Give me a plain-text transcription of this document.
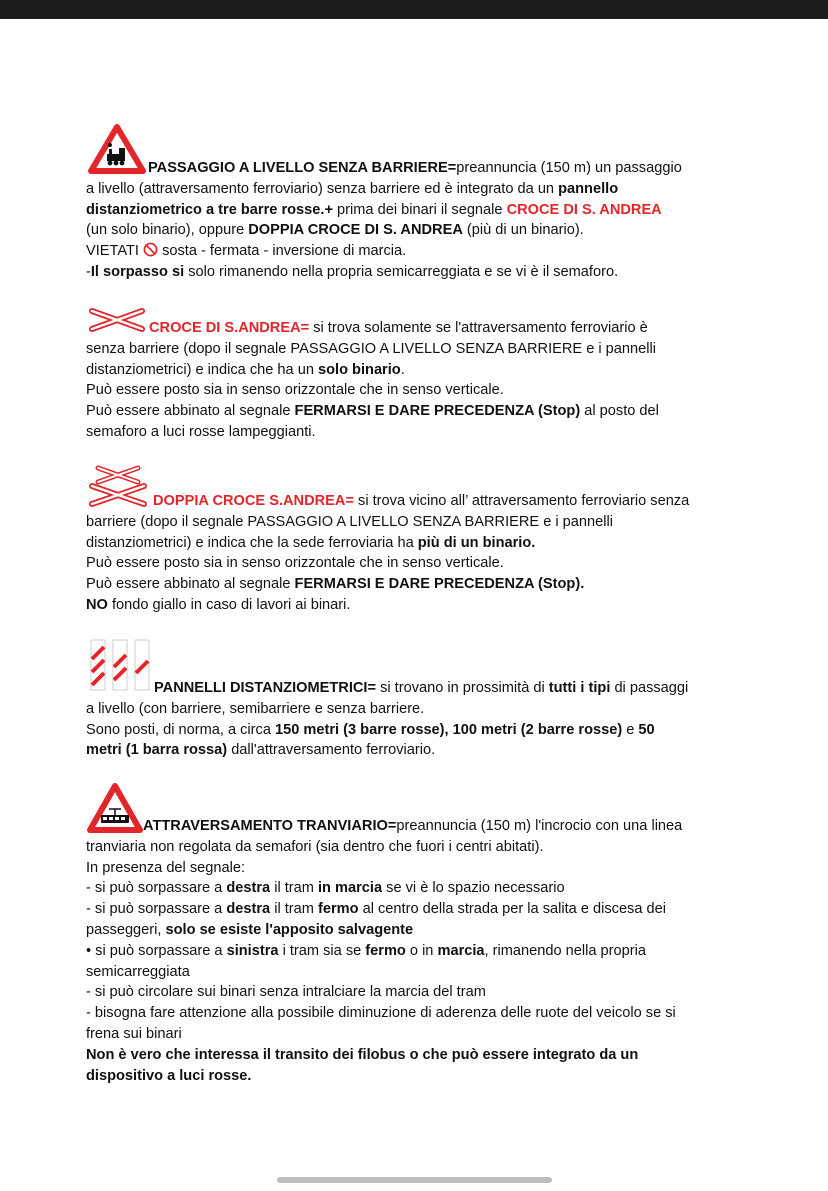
PASSAGGIO A LIVELLO SENZA BARRIERE=preannuncia (150 m) un passaggio

a livello (attraversamento ferroviario) senza barriere ed è integrato da un pannello

distanziometrico a tre barre rosse.+ prima dei binari il segnale CROCE DI S. ANDREA

(un solo binario), oppure DOPPIA CROCE DI S. ANDREA (più di un binario).

VIETATI  sosta - fermata - inversione di marcia.

-Il sorpasso si solo rimanendo nella propria semicarreggiata e se vi è il semaforo.

CROCE DI S.ANDREA= si trova solamente se l'attraversamento ferroviario è

senza barriere (dopo il segnale PASSAGGIO A LIVELLO SENZA BARRIERE e i pannelli

distanziometrici) e indica che ha un solo binario.

Può essere posto sia in senso orizzontale che in senso verticale.

Può essere abbinato al segnale FERMARSI E DARE PRECEDENZA (Stop) al posto del

semaforo a luci rosse lampeggianti.

DOPPIA CROCE S.ANDREA= si trova vicino all’ attraversamento ferroviario senza

barriere (dopo il segnale PASSAGGIO A LIVELLO SENZA BARRIERE e i pannelli

distanziometrici) e indica che la sede ferroviaria ha più di un binario.

Può essere posto sia in senso orizzontale che in senso verticale.

Può essere abbinato al segnale FERMARSI E DARE PRECEDENZA (Stop).

NO fondo giallo in caso di lavori ai binari.

PANNELLI DISTANZIOMETRICI= si trovano in prossimità di tutti i tipi di passaggi

a livello (con barriere, semibarriere e senza barriere.

Sono posti, di norma, a circa 150 metri (3 barre rosse), 100 metri (2 barre rosse) e 50

metri (1 barra rossa) dall'attraversamento ferroviario.

ATTRAVERSAMENTO TRANVIARIO=preannuncia (150 m) l'incrocio con una linea

tranviaria non regolata da semafori (sia dentro che fuori i centri abitati).

In presenza del segnale:

- si può sorpassare a destra il tram in marcia se vi è lo spazio necessario

- si può sorpassare a destra il tram fermo al centro della strada per la salita e discesa dei

passeggeri, solo se esiste l'apposito salvagente

• si può sorpassare a sinistra i tram sia se fermo o in marcia, rimanendo nella propria

semicarreggiata

- si può circolare sui binari senza intralciare la marcia del tram

- bisogna fare attenzione alla possibile diminuzione di aderenza delle ruote del veicolo se si

frena sui binari

Non è vero che interessa il transito dei filobus o che può essere integrato da un

dispositivo a luci rosse.
